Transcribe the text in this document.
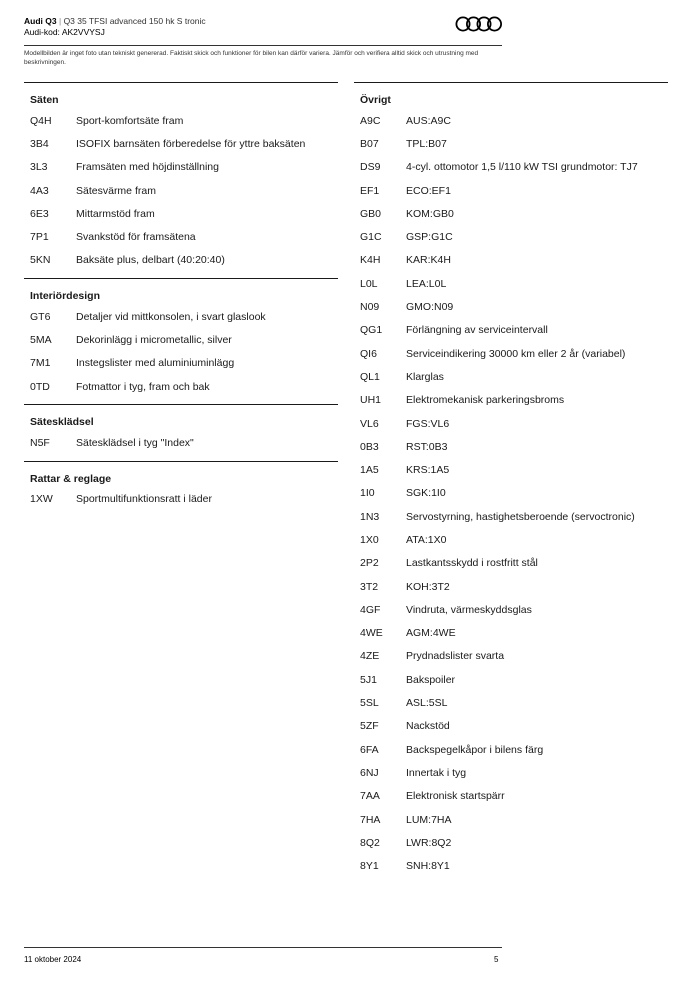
Audi Q3 | Q3 35 TFSI advanced 150 hk S tronic
Audi-kod: AK2VVYSJ
Modellbilden är inget foto utan tekniskt genererad. Faktiskt skick och funktioner för bilen kan därför variera. Jämför och verifiera alltid skick och utrustning med beskrivningen.
Säten
Q4H	Sport-komfortsäte fram
3B4	ISOFIX barnsäten förberedelse för yttre baksäten
3L3	Framsäten med höjdinställning
4A3	Sätesvärme fram
6E3	Mittarmstöd fram
7P1	Svankstöd för framsätena
5KN	Baksäte plus, delbart (40:20:40)
Interiördesign
GT6	Detaljer vid mittkonsolen, i svart glaslook
5MA	Dekorinlägg i micrometallic, silver
7M1	Instegslister med aluminiuminlägg
0TD	Fotmattor i tyg, fram och bak
Sätesklädsel
N5F	Sätesklädsel i tyg "Index"
Rattar & reglage
1XW	Sportmultifunktionsratt i läder
Övrigt
A9C	AUS:A9C
B07	TPL:B07
DS9	4-cyl. ottomotor 1,5 l/110 kW TSI grundmotor: TJ7
EF1	ECO:EF1
GB0	KOM:GB0
G1C	GSP:G1C
K4H	KAR:K4H
L0L	LEA:L0L
N09	GMO:N09
QG1	Förlängning av serviceintervall
QI6	Serviceindikering 30000 km eller 2 år (variabel)
QL1	Klarglas
UH1	Elektromekanisk parkeringsbroms
VL6	FGS:VL6
0B3	RST:0B3
1A5	KRS:1A5
1I0	SGK:1I0
1N3	Servostyrning, hastighetsberoende (servoctronic)
1X0	ATA:1X0
2P2	Lastkantsskydd i rostfritt stål
3T2	KOH:3T2
4GF	Vindruta, värmeskyddsglas
4WE	AGM:4WE
4ZE	Prydnadslister svarta
5J1	Bakspoiler
5SL	ASL:5SL
5ZF	Nackstöd
6FA	Backspegelkåpor i bilens färg
6NJ	Innertak i tyg
7AA	Elektronisk startspärr
7HA	LUM:7HA
8Q2	LWR:8Q2
8Y1	SNH:8Y1
11 oktober 2024	5
